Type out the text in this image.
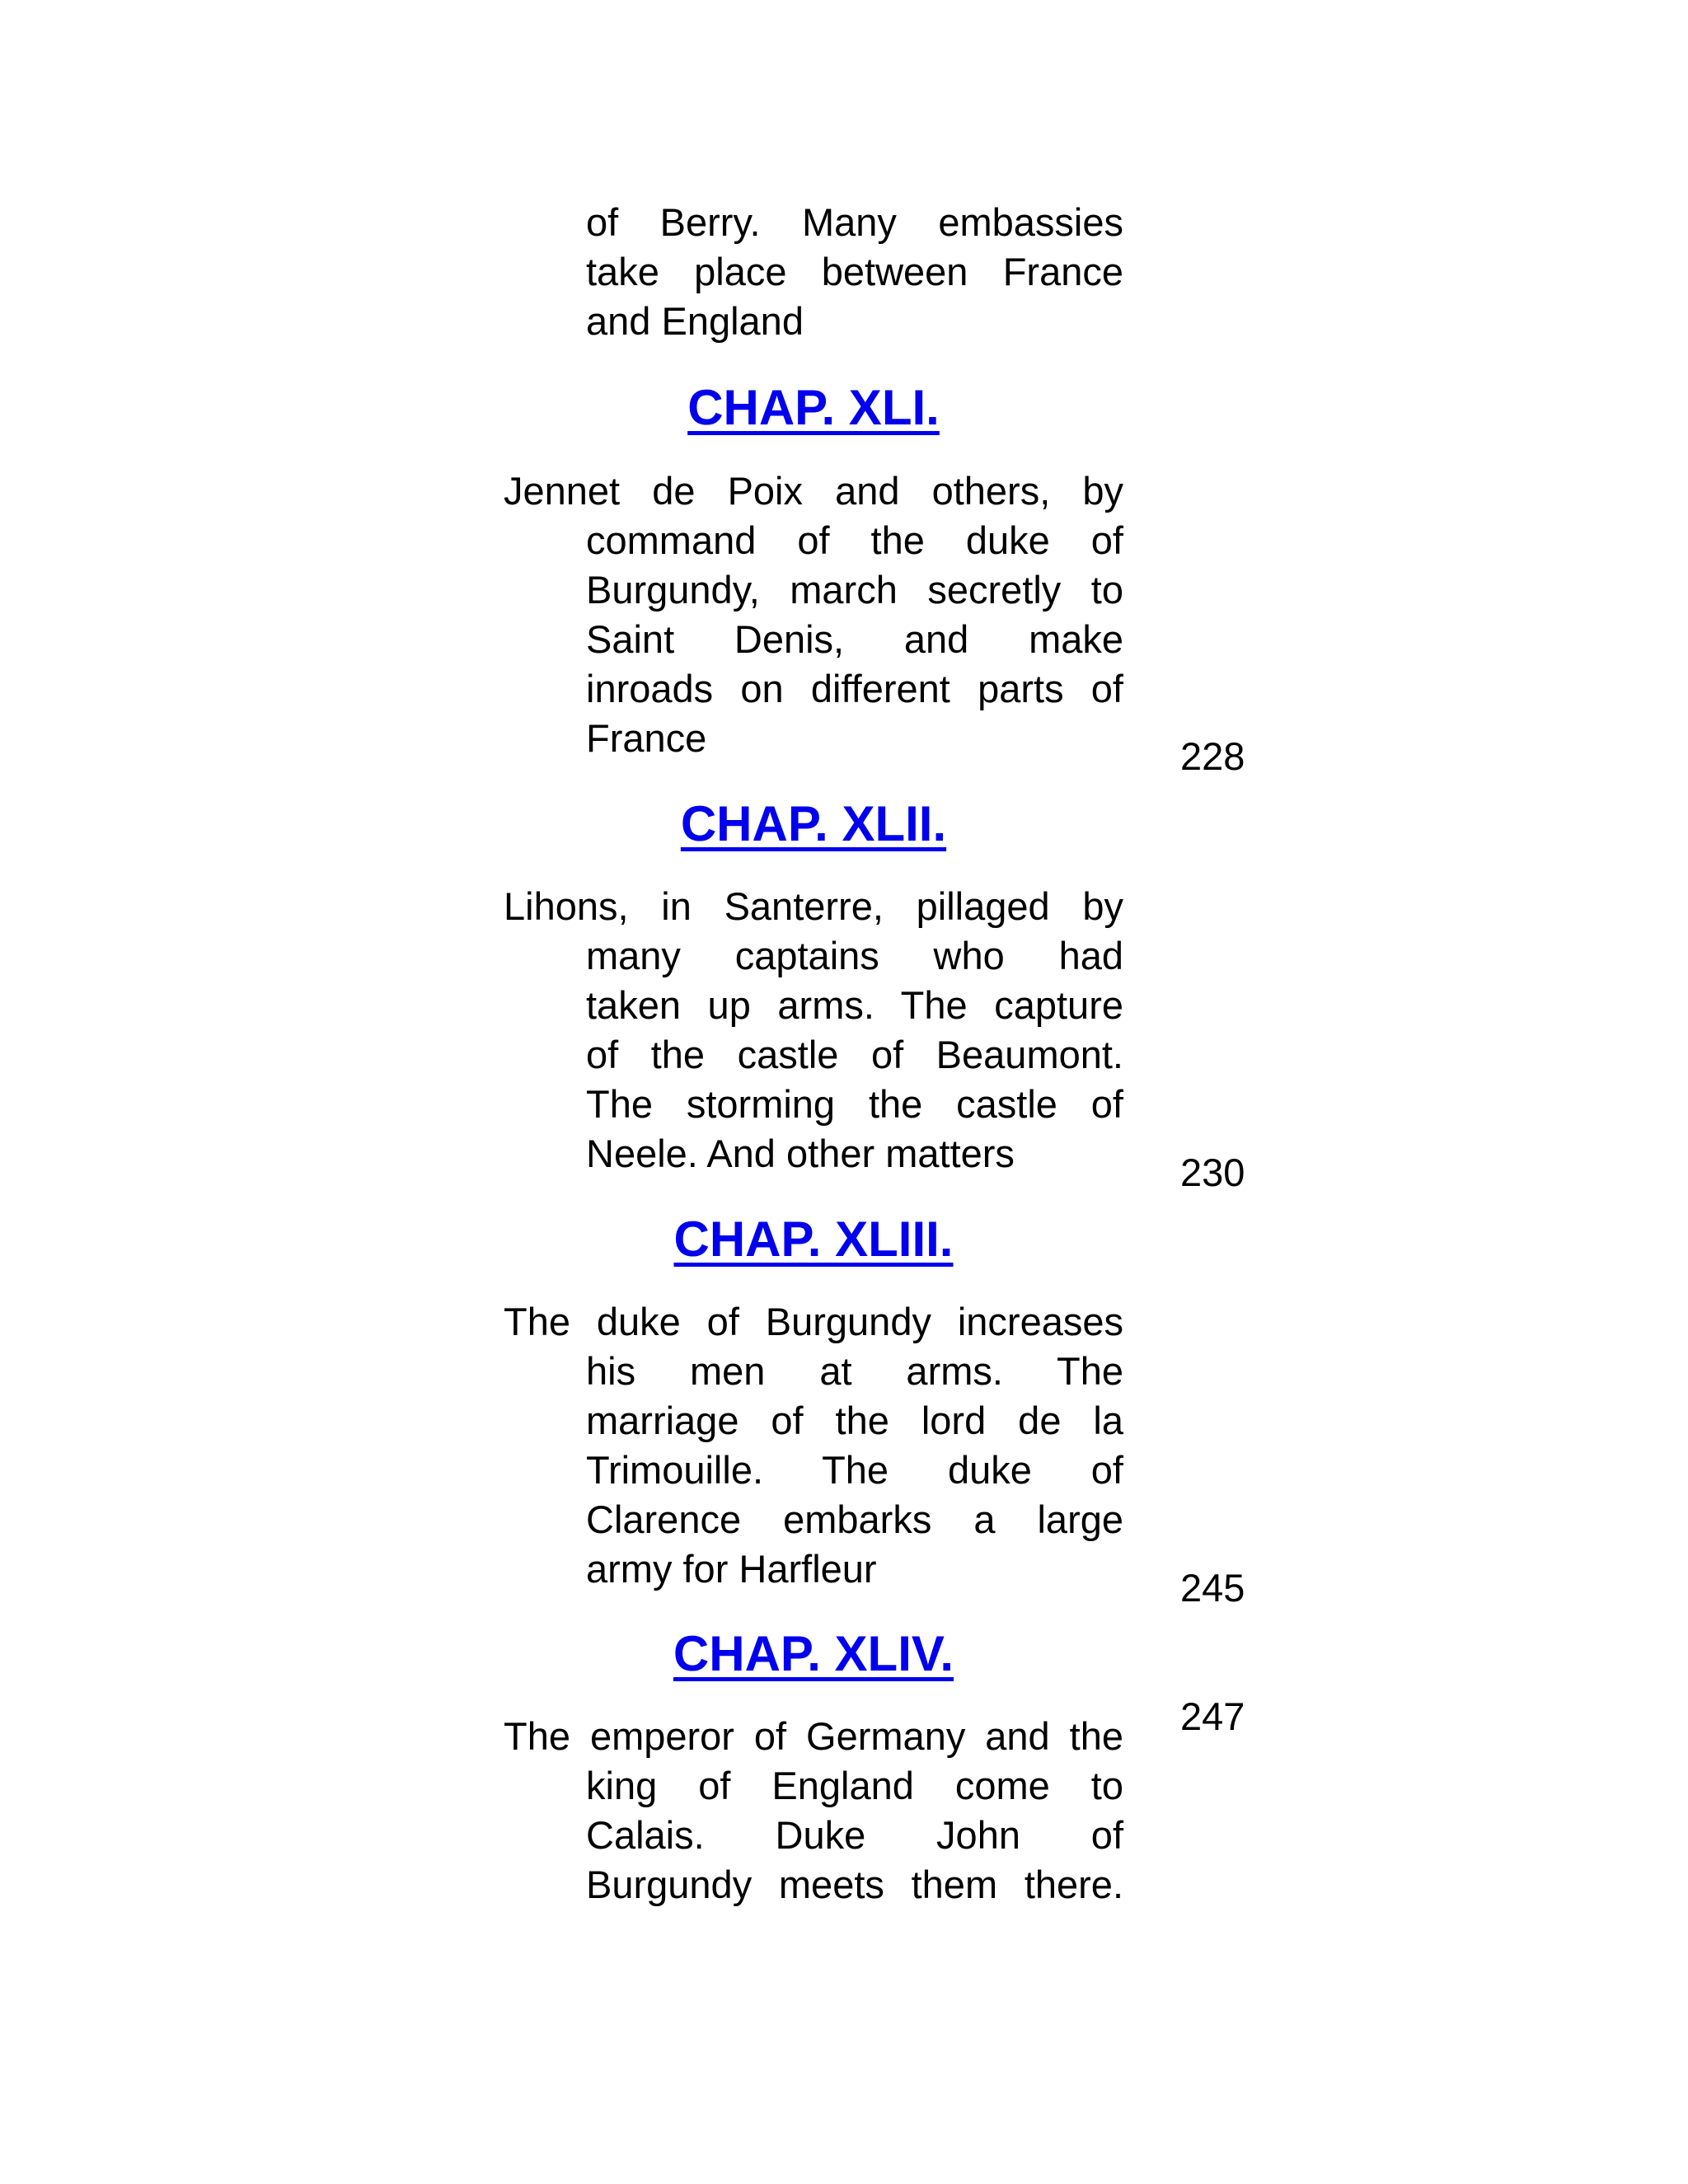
of Berry. Many embassies
take place between France
and England
CHAP. XLI.
Jennet de Poix and others, by
command of the duke of
Burgundy, march secretly to
Saint Denis, and make
inroads on different parts of
France	228
CHAP. XLII.
Lihons, in Santerre, pillaged by
many captains who had
taken up arms. The capture
of the castle of Beaumont.
The storming the castle of
Neele. And other matters	230
CHAP. XLIII.
The duke of Burgundy increases
his men at arms. The
marriage of the lord de la
Trimouille. The duke of
Clarence embarks a large
army for Harfleur	245
CHAP. XLIV.
The emperor of Germany and the
king of England come to
Calais. Duke John of
Burgundy meets them there.
247
